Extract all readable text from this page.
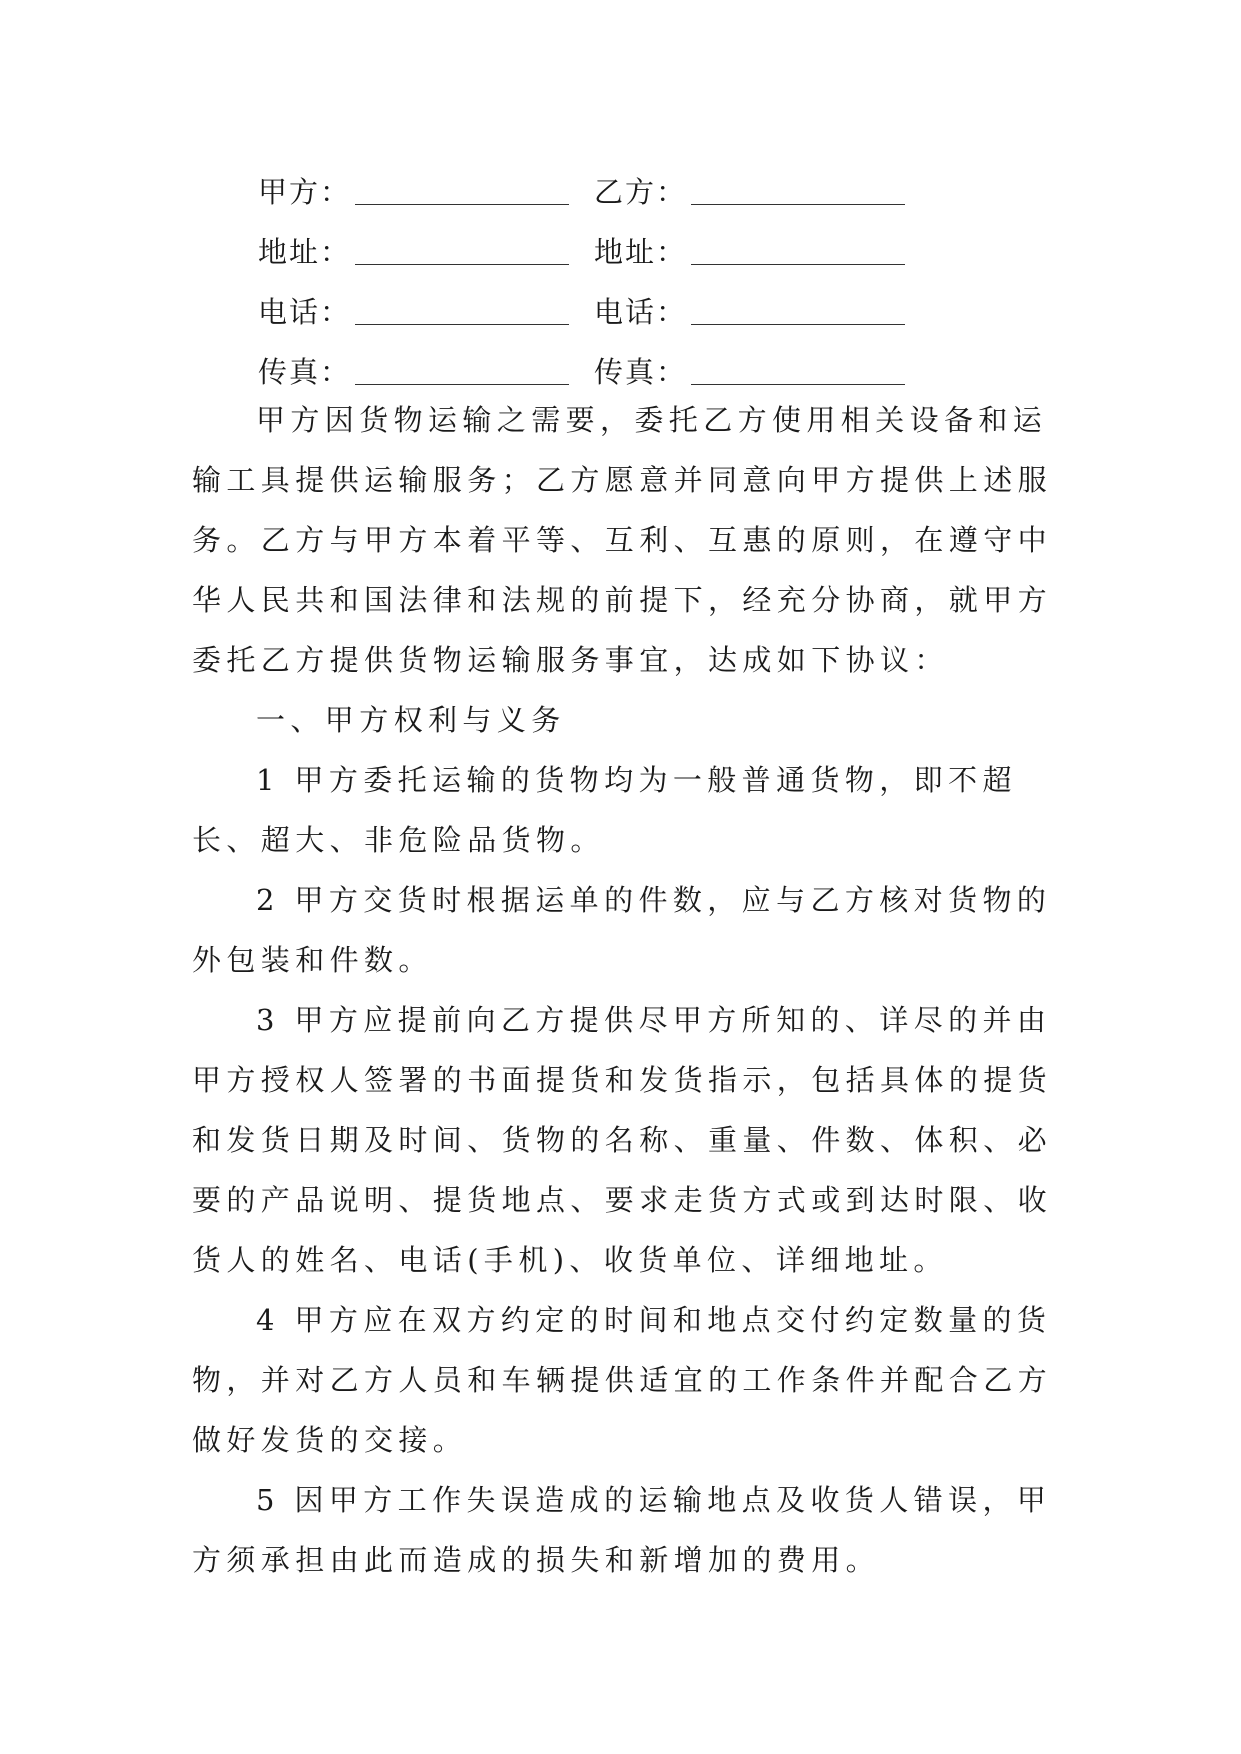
甲方：	乙方：
地址：	地址：
电话：	电话：
传真：	传真：

甲方因货物运输之需要，委托乙方使用相关设备和运输工具提供运输服务；乙方愿意并同意向甲方提供上述服务。乙方与甲方本着平等、互利、互惠的原则，在遵守中华人民共和国法律和法规的前提下，经充分协商，就甲方委托乙方提供货物运输服务事宜，达成如下协议：

一、甲方权利与义务

1 甲方委托运输的货物均为一般普通货物，即不超长、超大、非危险品货物。

2 甲方交货时根据运单的件数，应与乙方核对货物的外包装和件数。

3 甲方应提前向乙方提供尽甲方所知的、详尽的并由甲方授权人签署的书面提货和发货指示，包括具体的提货和发货日期及时间、货物的名称、重量、件数、体积、必要的产品说明、提货地点、要求走货方式或到达时限、收货人的姓名、电话(手机)、收货单位、详细地址。

4 甲方应在双方约定的时间和地点交付约定数量的货物，并对乙方人员和车辆提供适宜的工作条件并配合乙方做好发货的交接。

5 因甲方工作失误造成的运输地点及收货人错误，甲方须承担由此而造成的损失和新增加的费用。
